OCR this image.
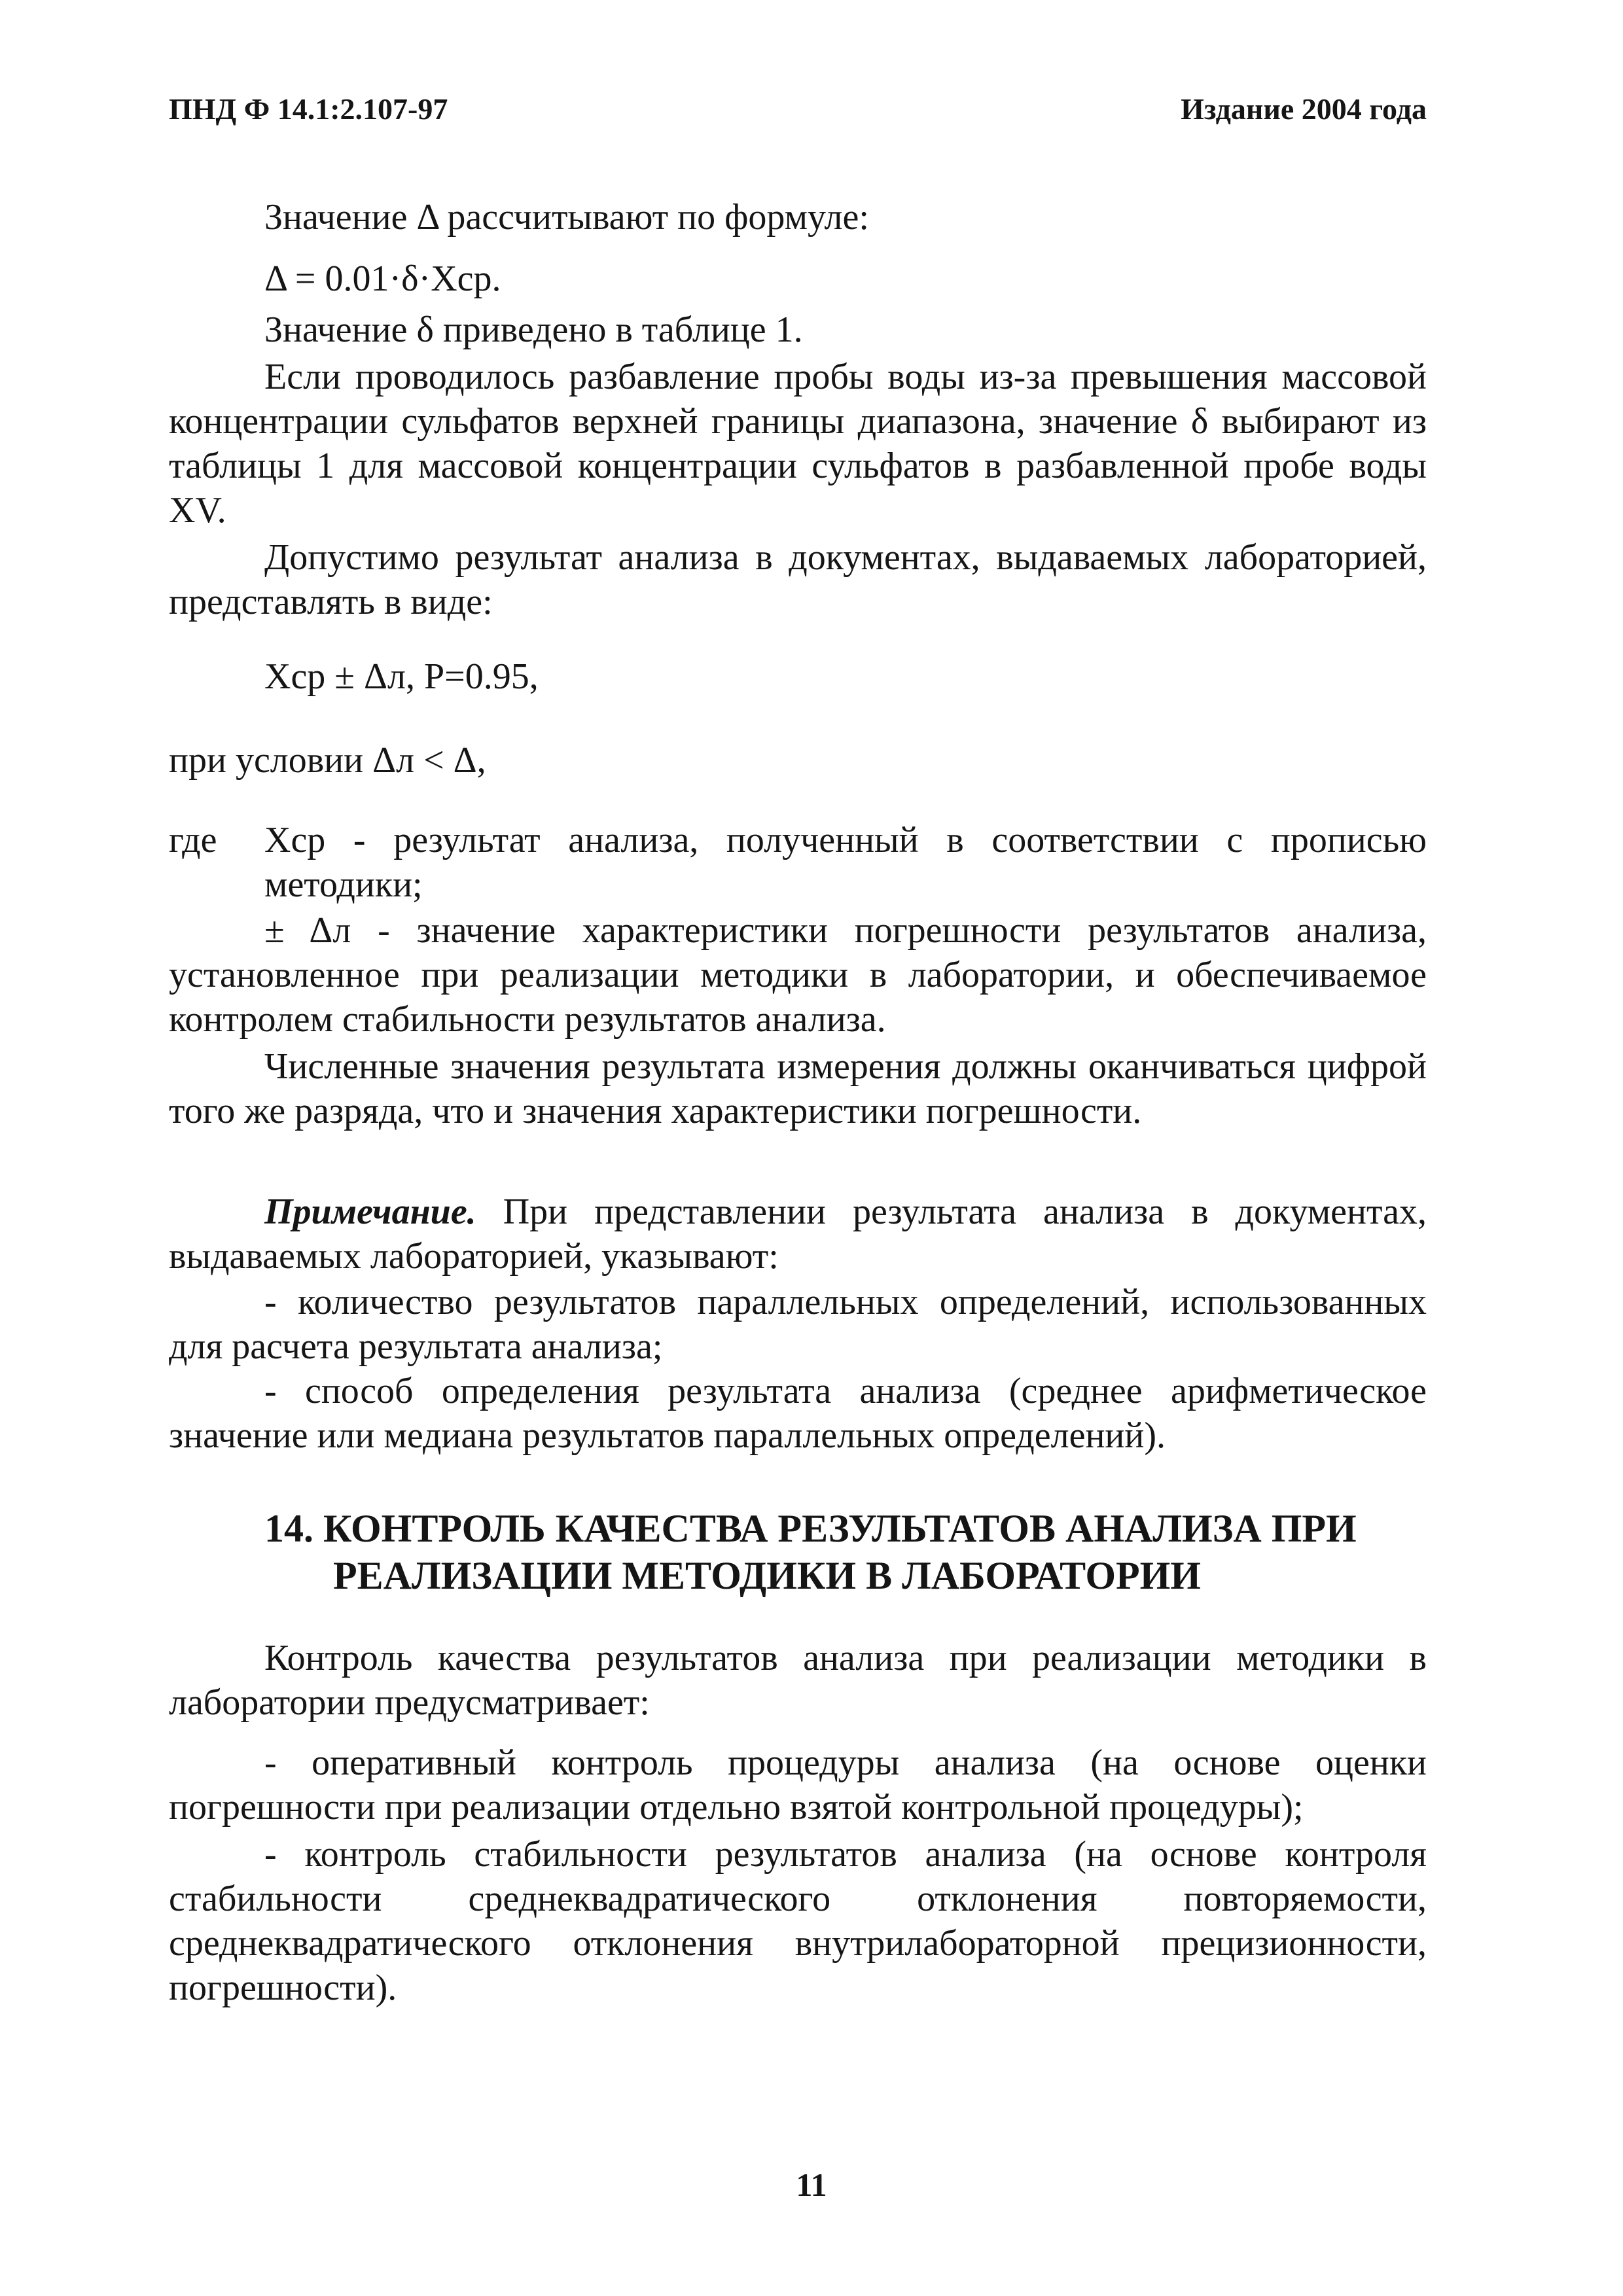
ПНД Ф 14.1:2.107-97	Издание 2004 года

Значение Δ рассчитывают по формуле:

Δ = 0.01·δ·Xср.

Значение δ приведено в таблице 1.

Если проводилось разбавление пробы воды из-за превышения массовой концентрации сульфатов верхней границы диапазона, значение δ выбирают из таблицы 1 для массовой концентрации сульфатов в разбавленной пробе воды XV.

Допустимо результат анализа в документах, выдаваемых лабораторией, представлять в виде:

Xср ± Δл, Р=0.95,

при условии Δл < Δ,

где Xср - результат анализа, полученный в соответствии с прописью методики;

± Δл - значение характеристики погрешности результатов анализа, установленное при реализации методики в лаборатории, и обеспечиваемое контролем стабильности результатов анализа.

Численные значения результата измерения должны оканчиваться цифрой того же разряда, что и значения характеристики погрешности.

Примечание. При представлении результата анализа в документах, выдаваемых лабораторией, указывают:

- количество результатов параллельных определений, использованных для расчета результата анализа;

- способ определения результата анализа (среднее арифметическое значение или медиана результатов параллельных определений).

14. КОНТРОЛЬ КАЧЕСТВА РЕЗУЛЬТАТОВ АНАЛИЗА ПРИ
РЕАЛИЗАЦИИ МЕТОДИКИ В ЛАБОРАТОРИИ

Контроль качества результатов анализа при реализации методики в лаборатории предусматривает:

- оперативный контроль процедуры анализа (на основе оценки погрешности при реализации отдельно взятой контрольной процедуры);

- контроль стабильности результатов анализа (на основе контроля стабильности среднеквадратического отклонения повторяемости, среднеквадратического отклонения внутрилабораторной прецизионности, погрешности).

11
